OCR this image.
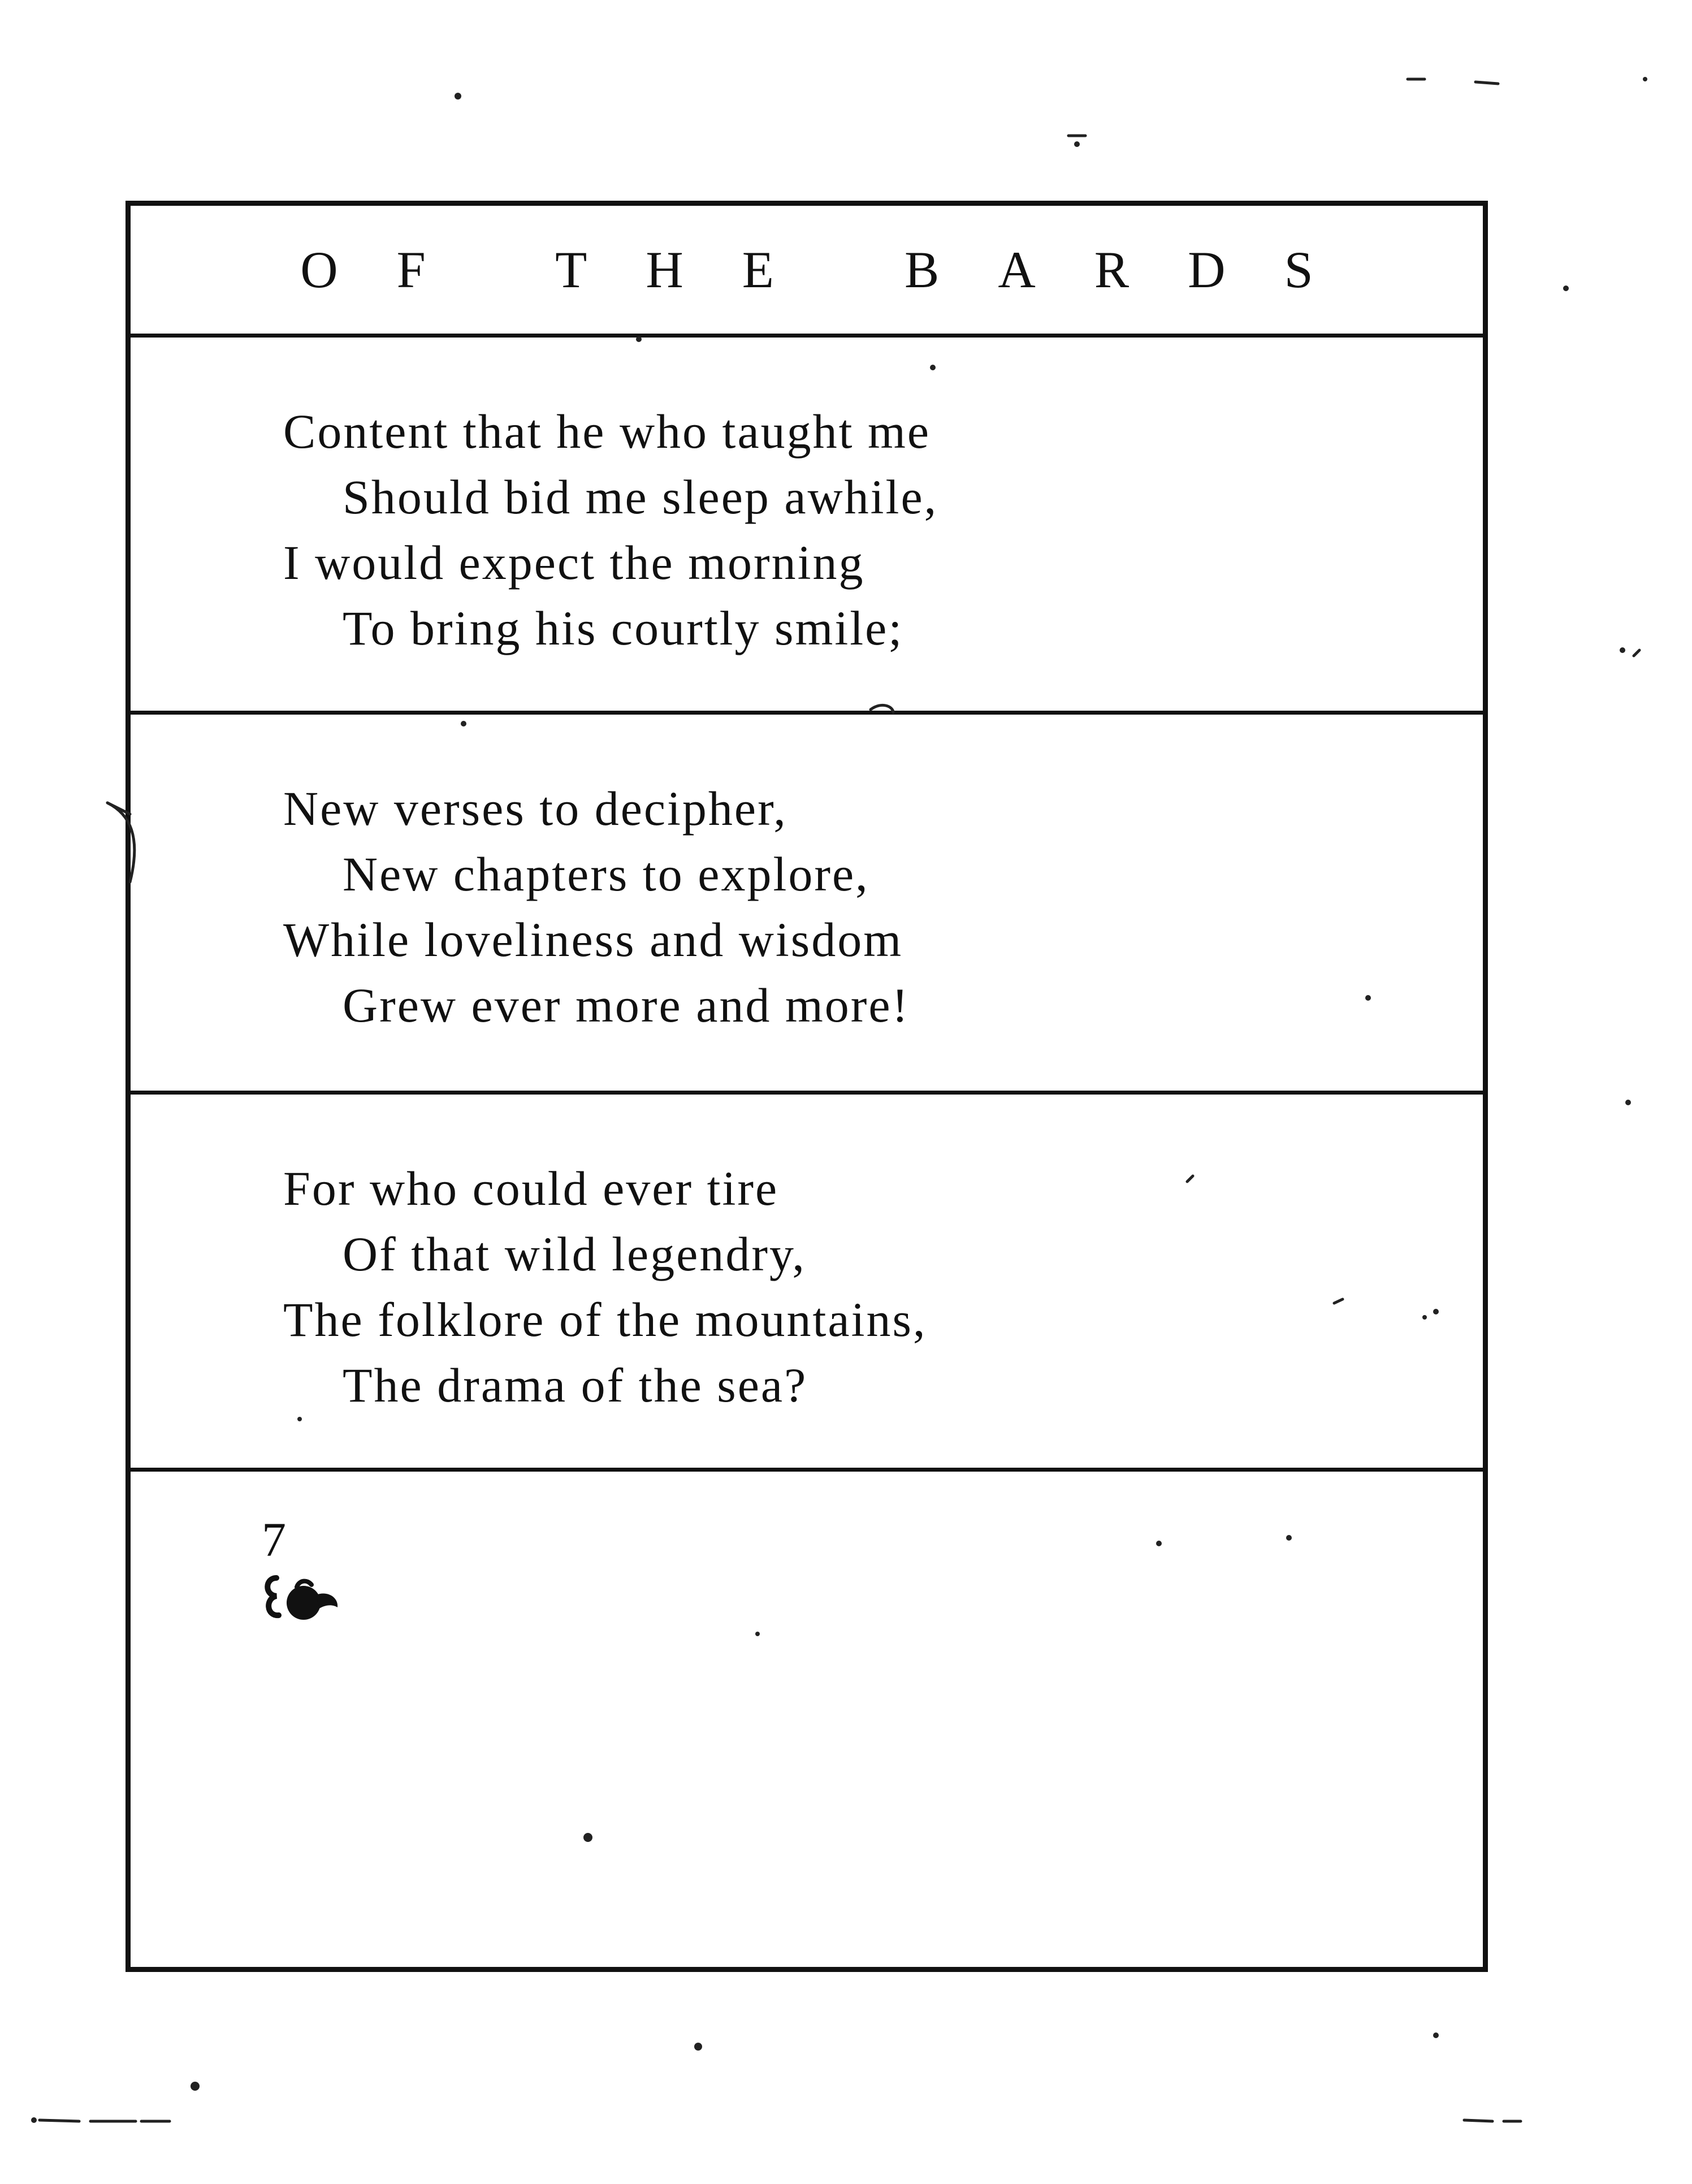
OF THE BARDS
Content that he who taught me
Should bid me sleep awhile,
I would expect the morning
To bring his courtly smile;
New verses to decipher,
New chapters to explore,
While loveliness and wisdom
Grew ever more and more!
For who could ever tire
Of that wild legendry,
The folklore of the mountains,
The drama of the sea?
7
